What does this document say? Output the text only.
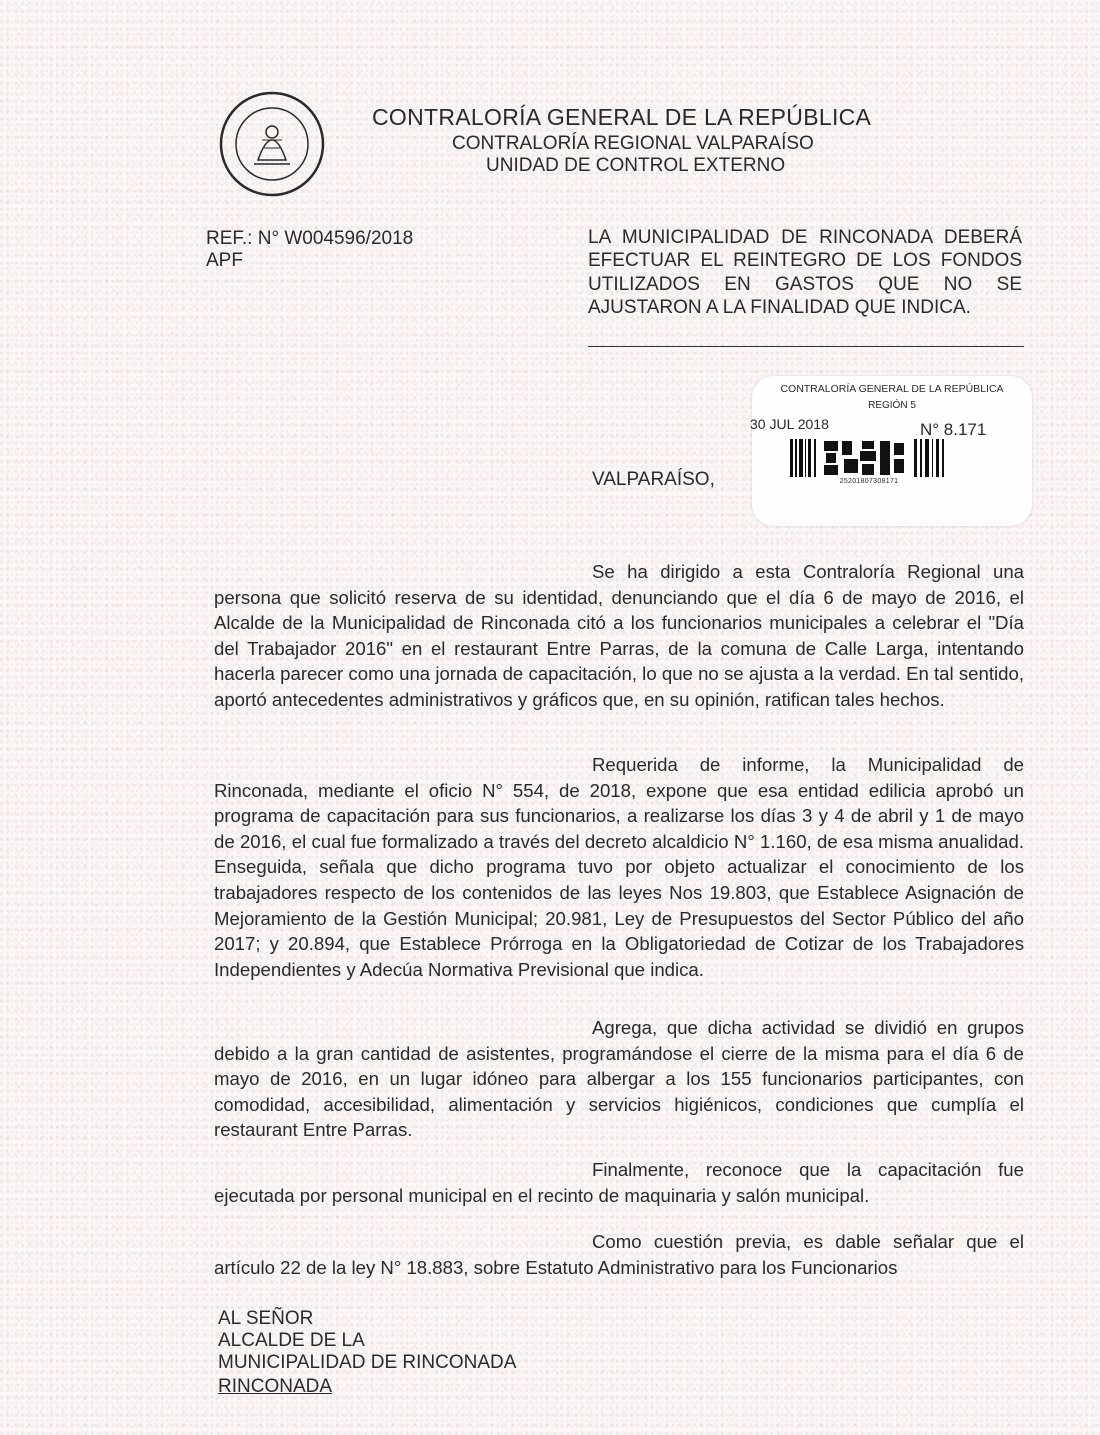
CONTRALORÍA GENERAL DE LA REPÚBLICA
CONTRALORÍA REGIONAL VALPARAÍSO
UNIDAD DE CONTROL EXTERNO
REF.: N° W004596/2018
APF
LA MUNICIPALIDAD DE RINCONADA DEBERÁ EFECTUAR EL REINTEGRO DE LOS FONDOS UTILIZADOS EN GASTOS QUE NO SE AJUSTARON A LA FINALIDAD QUE INDICA.
CONTRALORÍA GENERAL DE LA REPÚBLICA
REGIÓN 5
30 JUL 2018	N° 8.171
25201807308171
VALPARAÍSO,
Se ha dirigido a esta Contraloría Regional una persona que solicitó reserva de su identidad, denunciando que el día 6 de mayo de 2016, el Alcalde de la Municipalidad de Rinconada citó a los funcionarios municipales a celebrar el "Día del Trabajador 2016" en el restaurant Entre Parras, de la comuna de Calle Larga, intentando hacerla parecer como una jornada de capacitación, lo que no se ajusta a la verdad. En tal sentido, aportó antecedentes administrativos y gráficos que, en su opinión, ratifican tales hechos.
Requerida de informe, la Municipalidad de Rinconada, mediante el oficio N° 554, de 2018, expone que esa entidad edilicia aprobó un programa de capacitación para sus funcionarios, a realizarse los días 3 y 4 de abril y 1 de mayo de 2016, el cual fue formalizado a través del decreto alcaldicio N° 1.160, de esa misma anualidad. Enseguida, señala que dicho programa tuvo por objeto actualizar el conocimiento de los trabajadores respecto de los contenidos de las leyes Nos 19.803, que Establece Asignación de Mejoramiento de la Gestión Municipal; 20.981, Ley de Presupuestos del Sector Público del año 2017; y 20.894, que Establece Prórroga en la Obligatoriedad de Cotizar de los Trabajadores Independientes y Adecúa Normativa Previsional que indica.
Agrega, que dicha actividad se dividió en grupos debido a la gran cantidad de asistentes, programándose el cierre de la misma para el día 6 de mayo de 2016, en un lugar idóneo para albergar a los 155 funcionarios participantes, con comodidad, accesibilidad, alimentación y servicios higiénicos, condiciones que cumplía el restaurant Entre Parras.
Finalmente, reconoce que la capacitación fue ejecutada por personal municipal en el recinto de maquinaria y salón municipal.
Como cuestión previa, es dable señalar que el artículo 22 de la ley N° 18.883, sobre Estatuto Administrativo para los Funcionarios
AL SEÑOR
ALCALDE DE LA
MUNICIPALIDAD DE RINCONADA
RINCONADA
